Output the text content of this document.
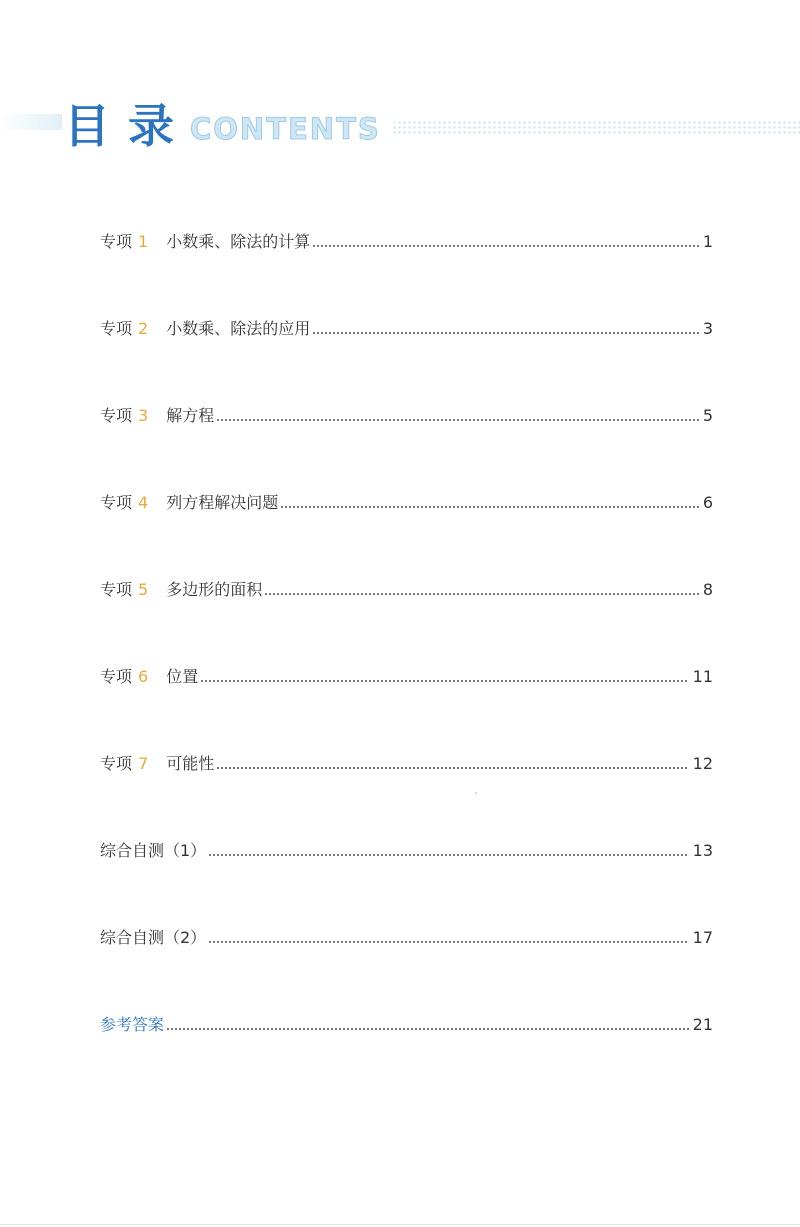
目录
CONTENTS
专项 1 小数乘、除法的计算	1
专项 2 小数乘、除法的应用	3
专项 3 解方程	5
专项 4 列方程解决问题	6
专项 5 多边形的面积	8
专项 6 位置	11
专项 7 可能性	12
综合自测（1）	13
综合自测（2）	17
参考答案	21
